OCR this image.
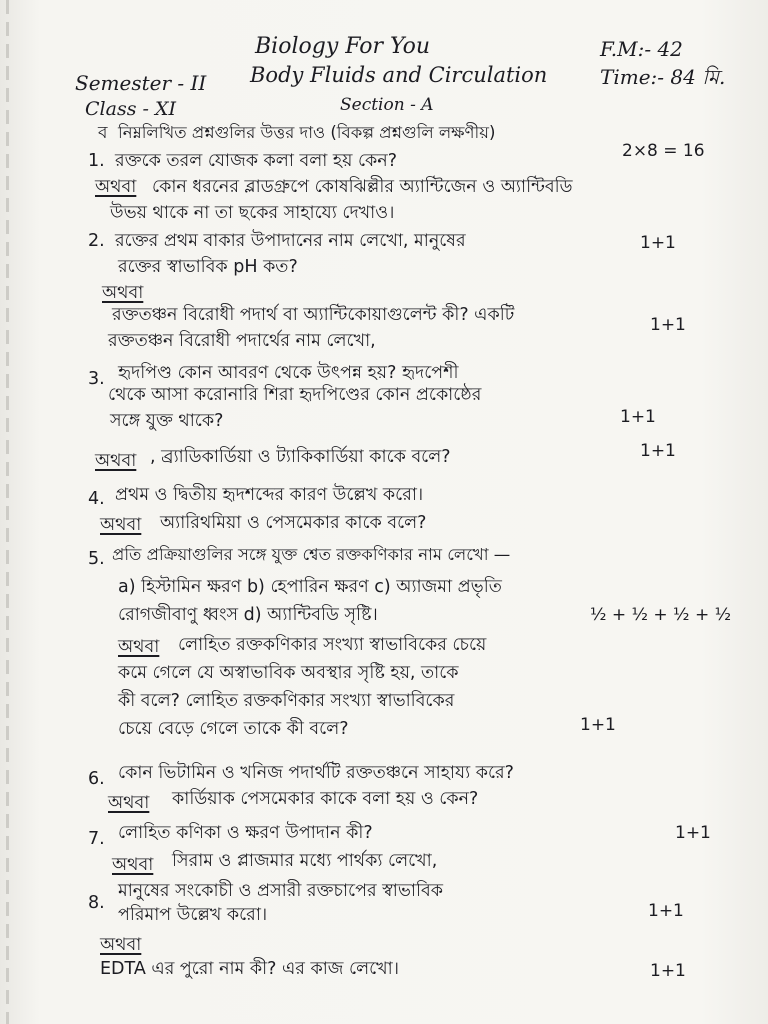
Biology For You
Body Fluids and Circulation
F.M:- 42
Time:- 84 মি.
Semester - II
Class - XI	Section - A
ব নিম্নলিখিত প্রশ্নগুলির উত্তর দাও (বিকল্প প্রশ্নগুলি লক্ষণীয়)
2×8 = 16
1. রক্তকে তরল যোজক কলা বলা হয় কেন?
অথবা কোন ধরনের ব্লাডগ্রুপে কোষঝিল্লীর অ্যান্টিজেন ও অ্যান্টিবডি
উভয় থাকে না তা ছকের সাহায্যে দেখাও।
2. রক্তের প্রথম বাকার উপাদানের নাম লেখো, মানুষের
রক্তের স্বাভাবিক pH কত?
1+1
অথবা
রক্ততঞ্চন বিরোধী পদার্থ বা অ্যান্টিকোয়াগুলেন্ট কী? একটি
রক্ততঞ্চন বিরোধী পদার্থের নাম লেখো,
1+1
3. হৃদপিণ্ড কোন আবরণ থেকে উৎপন্ন হয়? হৃদপেশী
থেকে আসা করোনারি শিরা হৃদপিণ্ডের কোন প্রকোষ্ঠের
সঙ্গে যুক্ত থাকে?	1+1
অথবা , ব্র্যাডিকার্ডিয়া ও ট্যাকিকার্ডিয়া কাকে বলে?	1+1
4. প্রথম ও দ্বিতীয় হৃদশব্দের কারণ উল্লেখ করো।
অথবা অ্যারিথমিয়া ও পেসমেকার কাকে বলে?
5. প্রতি প্রক্রিয়াগুলির সঙ্গে যুক্ত শ্বেত রক্তকণিকার নাম লেখো —
a) হিস্টামিন ক্ষরণ b) হেপারিন ক্ষরণ c) অ্যাজমা প্রভৃতি
রোগজীবাণু ধ্বংস d) অ্যান্টিবডি সৃষ্টি।	½ + ½ + ½ + ½
অথবা লোহিত রক্তকণিকার সংখ্যা স্বাভাবিকের চেয়ে
কমে গেলে যে অস্বাভাবিক অবস্থার সৃষ্টি হয়, তাকে
কী বলে? লোহিত রক্তকণিকার সংখ্যা স্বাভাবিকের
চেয়ে বেড়ে গেলে তাকে কী বলে?	1+1
6. কোন ভিটামিন ও খনিজ পদার্থটি রক্ততঞ্চনে সাহায্য করে?
অথবা কার্ডিয়াক পেসমেকার কাকে বলা হয় ও কেন?
7. লোহিত কণিকা ও ক্ষরণ উপাদান কী?	1+1
অথবা সিরাম ও প্লাজমার মধ্যে পার্থক্য লেখো,
8.
মানুষের সংকোচী ও প্রসারী রক্তচাপের স্বাভাবিক
পরিমাপ উল্লেখ করো।	1+1
অথবা
EDTA এর পুরো নাম কী? এর কাজ লেখো।	1+1
